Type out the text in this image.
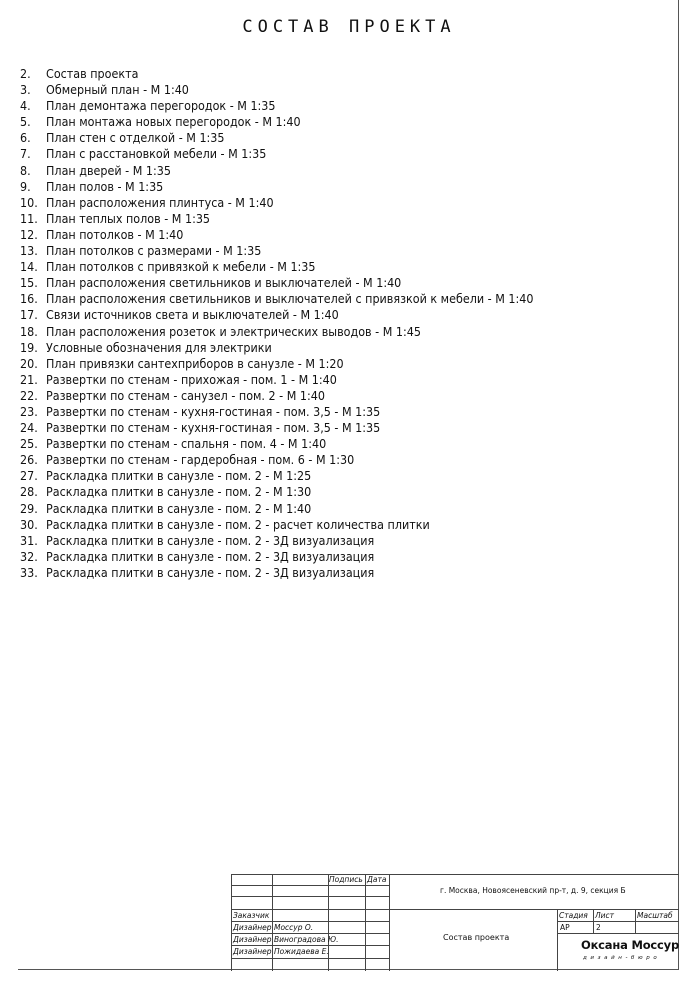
СОСТАВ ПРОЕКТА
2. Состав проекта
3. Обмерный план - М 1:40
4. План демонтажа перегородок - М 1:35
5. План монтажа новых перегородок - М 1:40
6. План стен с отделкой - М 1:35
7. План с расстановкой мебели - М 1:35
8. План дверей - М 1:35
9. План полов - М 1:35
10. План расположения плинтуса - М 1:40
11. План теплых полов - М 1:35
12. План потолков - М 1:40
13. План потолков с размерами - М 1:35
14. План потолков с привязкой к мебели - М 1:35
15. План расположения светильников и выключателей - М 1:40
16. План расположения светильников и выключателей с привязкой к мебели - М 1:40
17. Связи источников света и выключателей - М 1:40
18. План расположения розеток и электрических выводов - М 1:45
19. Условные обозначения для электрики
20. План привязки сантехприборов в санузле - М 1:20
21. Развертки по стенам - прихожая - пом. 1 - М 1:40
22. Развертки по стенам - санузел - пом. 2 - М 1:40
23. Развертки по стенам - кухня-гостиная - пом. 3,5 - М 1:35
24. Развертки по стенам - кухня-гостиная - пом. 3,5 - М 1:35
25. Развертки по стенам - спальня - пом. 4 - М 1:40
26. Развертки по стенам - гардеробная - пом. 6 - М 1:30
27. Раскладка плитки в санузле - пом. 2 - М 1:25
28. Раскладка плитки в санузле - пом. 2 - М 1:30
29. Раскладка плитки в санузле - пом. 2 - М 1:40
30. Раскладка плитки в санузле - пом. 2 - расчет количества плитки
31. Раскладка плитки в санузле - пом. 2 - 3Д визуализация
32. Раскладка плитки в санузле - пом. 2 - 3Д визуализация
33. Раскладка плитки в санузле - пом. 2 - 3Д визуализация
Подпись Дата
г. Москва, Новоясеневский пр-т, д. 9, секция Б
Заказчик
Дизайнер Моссур О.
Дизайнер Виноградова Ю.
Дизайнер Пожидаева Е.
Состав проекта
Стадия Лист	Масштаб
АР	2
Оксана Моссур
дизайн-бюро
